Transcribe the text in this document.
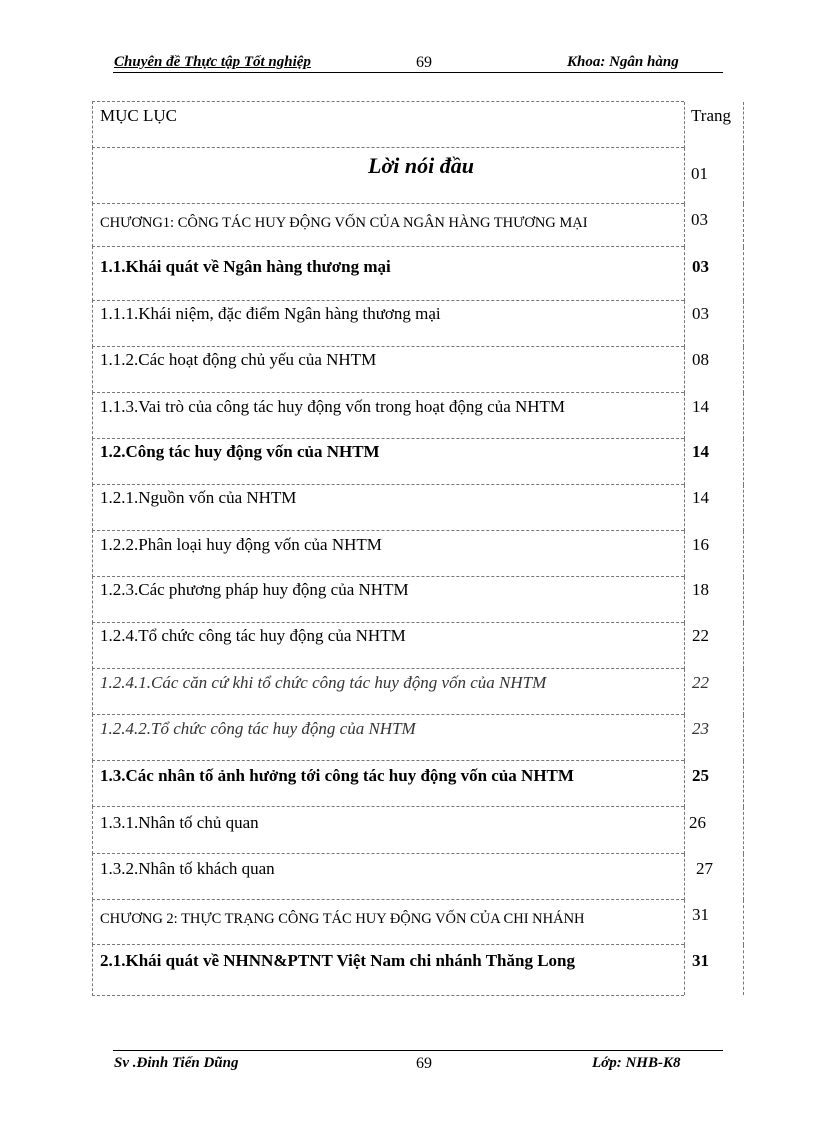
Chuyên đề Thực tập Tốt nghiệp	69	Khoa: Ngân hàng
MỤC LỤC	Trang
Lời nói đầu	01
CHƯƠNG1: CÔNG TÁC HUY ĐỘNG VỐN CỦA NGÂN HÀNG THƯƠNG MẠI	03
1.1.Khái quát về Ngân hàng thương mại	03
1.1.1.Khái niệm, đặc điểm Ngân hàng thương mại	03
1.1.2.Các hoạt động chủ yếu của NHTM	08
1.1.3.Vai trò của công tác huy động vốn trong hoạt động của NHTM	14
1.2.Công tác huy động vốn của NHTM	14
1.2.1.Nguồn vốn của NHTM	14
1.2.2.Phân loại huy động vốn của NHTM	16
1.2.3.Các phương pháp huy động của NHTM	18
1.2.4.Tổ chức công tác huy động của NHTM	22
1.2.4.1.Các căn cứ khi tổ chức công tác huy động vốn của NHTM	22
1.2.4.2.Tổ chức công tác huy động của NHTM	23
1.3.Các nhân tố ảnh hưởng tới công tác huy động vốn của NHTM	25
1.3.1.Nhân tố chủ quan	26
1.3.2.Nhân tố khách quan	27
CHƯƠNG 2: THỰC TRẠNG CÔNG TÁC HUY ĐỘNG VỐN CỦA CHI NHÁNH	31
2.1.Khái quát về NHNN&PTNT Việt Nam chi nhánh Thăng Long	31
Sv .Đinh Tiến Dũng	69	Lớp: NHB-K8
